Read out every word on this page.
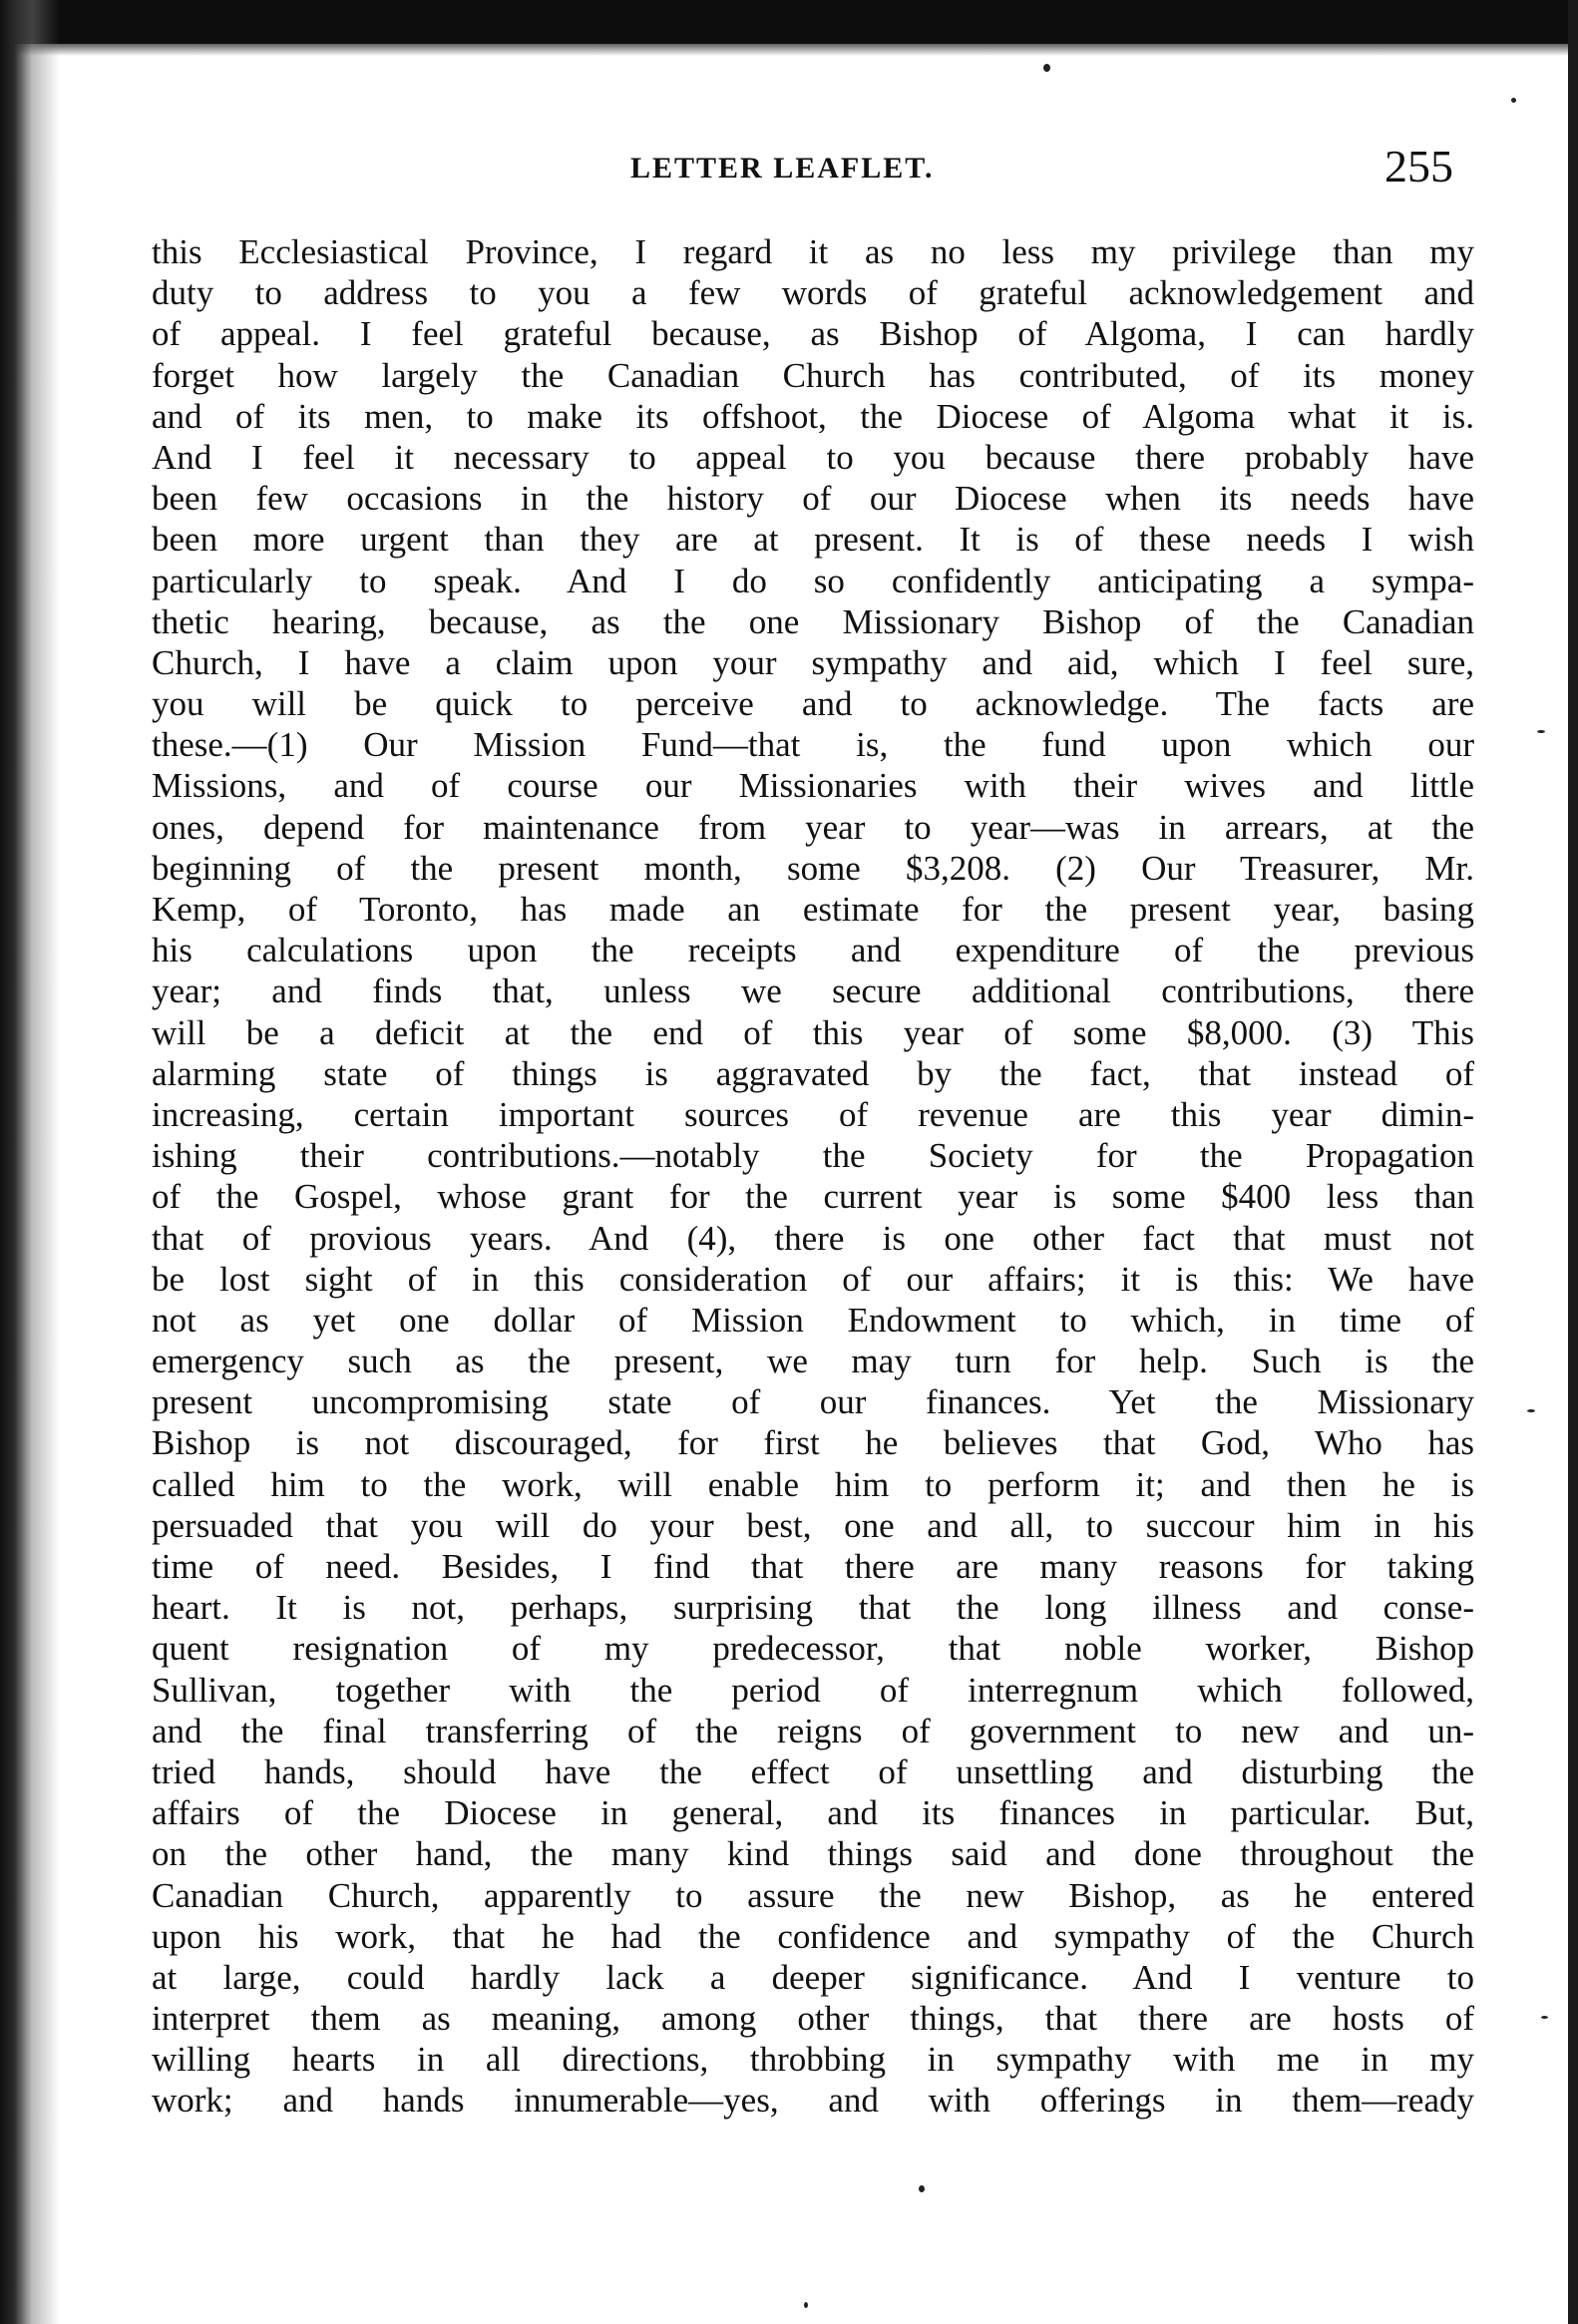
LETTER LEAFLET.	255
this Ecclesiastical Province, I regard it as no less my privilege than my
duty to address to you a few words of grateful acknowledgement and
of appeal. I feel grateful because, as Bishop of Algoma, I can hardly
forget how largely the Canadian Church has contributed, of its money
and of its men, to make its offshoot, the Diocese of Algoma what it is.
And I feel it necessary to appeal to you because there probably have
been few occasions in the history of our Diocese when its needs have
been more urgent than they are at present. It is of these needs I wish
particularly to speak. And I do so confidently anticipating a sympa-
thetic hearing, because, as the one Missionary Bishop of the Canadian
Church, I have a claim upon your sympathy and aid, which I feel sure,
you will be quick to perceive and to acknowledge. The facts are
these.—(1) Our Mission Fund—that is, the fund upon which our
Missions, and of course our Missionaries with their wives and little
ones, depend for maintenance from year to year—was in arrears, at the
beginning of the present month, some $3,208. (2) Our Treasurer, Mr.
Kemp, of Toronto, has made an estimate for the present year, basing
his calculations upon the receipts and expenditure of the previous
year; and finds that, unless we secure additional contributions, there
will be a deficit at the end of this year of some $8,000. (3) This
alarming state of things is aggravated by the fact, that instead of
increasing, certain important sources of revenue are this year dimin-
ishing their contributions.—notably the Society for the Propagation
of the Gospel, whose grant for the current year is some $400 less than
that of provious years. And (4), there is one other fact that must not
be lost sight of in this consideration of our affairs; it is this: We have
not as yet one dollar of Mission Endowment to which, in time of
emergency such as the present, we may turn for help. Such is the
present uncompromising state of our finances. Yet the Missionary
Bishop is not discouraged, for first he believes that God, Who has
called him to the work, will enable him to perform it; and then he is
persuaded that you will do your best, one and all, to succour him in his
time of need. Besides, I find that there are many reasons for taking
heart. It is not, perhaps, surprising that the long illness and conse-
quent resignation of my predecessor, that noble worker, Bishop
Sullivan, together with the period of interregnum which followed,
and the final transferring of the reigns of government to new and un-
tried hands, should have the effect of unsettling and disturbing the
affairs of the Diocese in general, and its finances in particular. But,
on the other hand, the many kind things said and done throughout the
Canadian Church, apparently to assure the new Bishop, as he entered
upon his work, that he had the confidence and sympathy of the Church
at large, could hardly lack a deeper significance. And I venture to
interpret them as meaning, among other things, that there are hosts of
willing hearts in all directions, throbbing in sympathy with me in my
work; and hands innumerable—yes, and with offerings in them—ready
